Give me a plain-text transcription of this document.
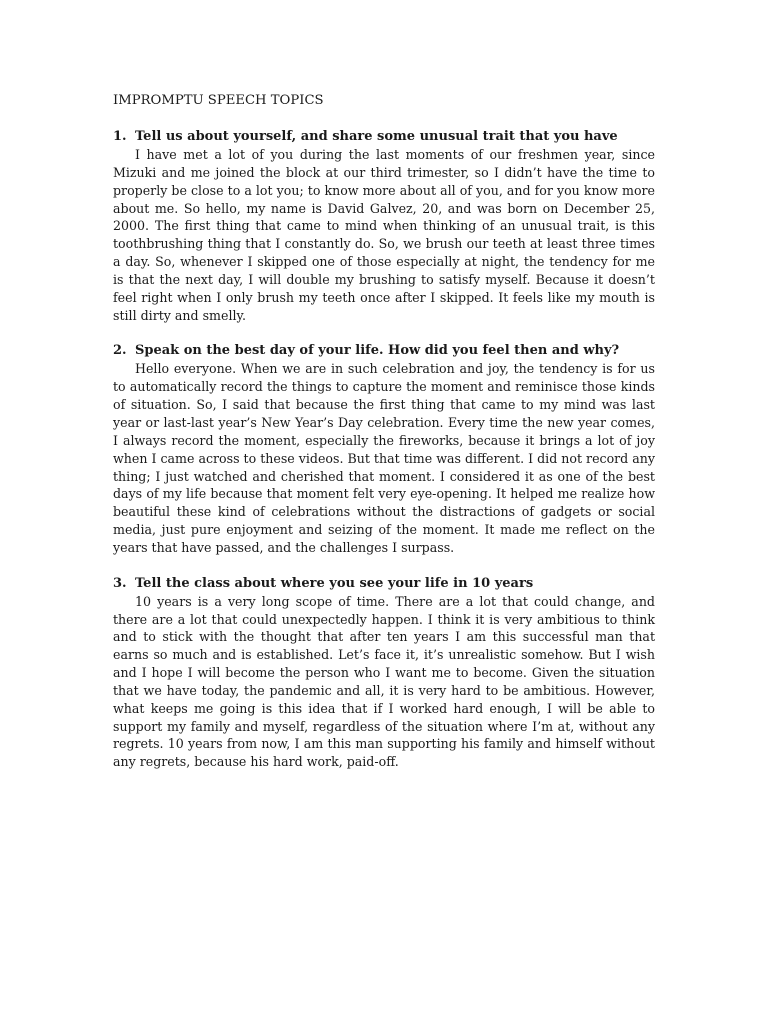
IMPROMPTU SPEECH TOPICS
1. Tell us about yourself, and share some unusual trait that you have

I have met a lot of you during the last moments of our freshmen year, since Mizuki and me joined the block at our third trimester, so I didn’t have the time to properly be close to a lot you; to know more about all of you, and for you know more about me. So hello, my name is David Galvez, 20, and was born on December 25, 2000. The first thing that came to mind when thinking of an unusual trait, is this toothbrushing thing that I constantly do. So, we brush our teeth at least three times a day. So, whenever I skipped one of those especially at night, the tendency for me is that the next day, I will double my brushing to satisfy myself. Because it doesn’t feel right when I only brush my teeth once after I skipped. It feels like my mouth is still dirty and smelly.

2. Speak on the best day of your life. How did you feel then and why?

Hello everyone. When we are in such celebration and joy, the tendency is for us to automatically record the things to capture the moment and reminisce those kinds of situation. So, I said that because the first thing that came to my mind was last year or last-last year’s New Year’s Day celebration. Every time the new year comes, I always record the moment, especially the fireworks, because it brings a lot of joy when I came across to these videos. But that time was different. I did not record any thing; I just watched and cherished that moment. I considered it as one of the best days of my life because that moment felt very eye-opening. It helped me realize how beautiful these kind of celebrations without the distractions of gadgets or social media, just pure enjoyment and seizing of the moment. It made me reflect on the years that have passed, and the challenges I surpass.

3. Tell the class about where you see your life in 10 years

10 years is a very long scope of time. There are a lot that could change, and there are a lot that could unexpectedly happen. I think it is very ambitious to think and to stick with the thought that after ten years I am this successful man that earns so much and is established. Let’s face it, it’s unrealistic somehow. But I wish and I hope I will become the person who I want me to become. Given the situation that we have today, the pandemic and all, it is very hard to be ambitious. However, what keeps me going is this idea that if I worked hard enough, I will be able to support my family and myself, regardless of the situation where I’m at, without any regrets. 10 years from now, I am this man supporting his family and himself without any regrets, because his hard work, paid-off.
